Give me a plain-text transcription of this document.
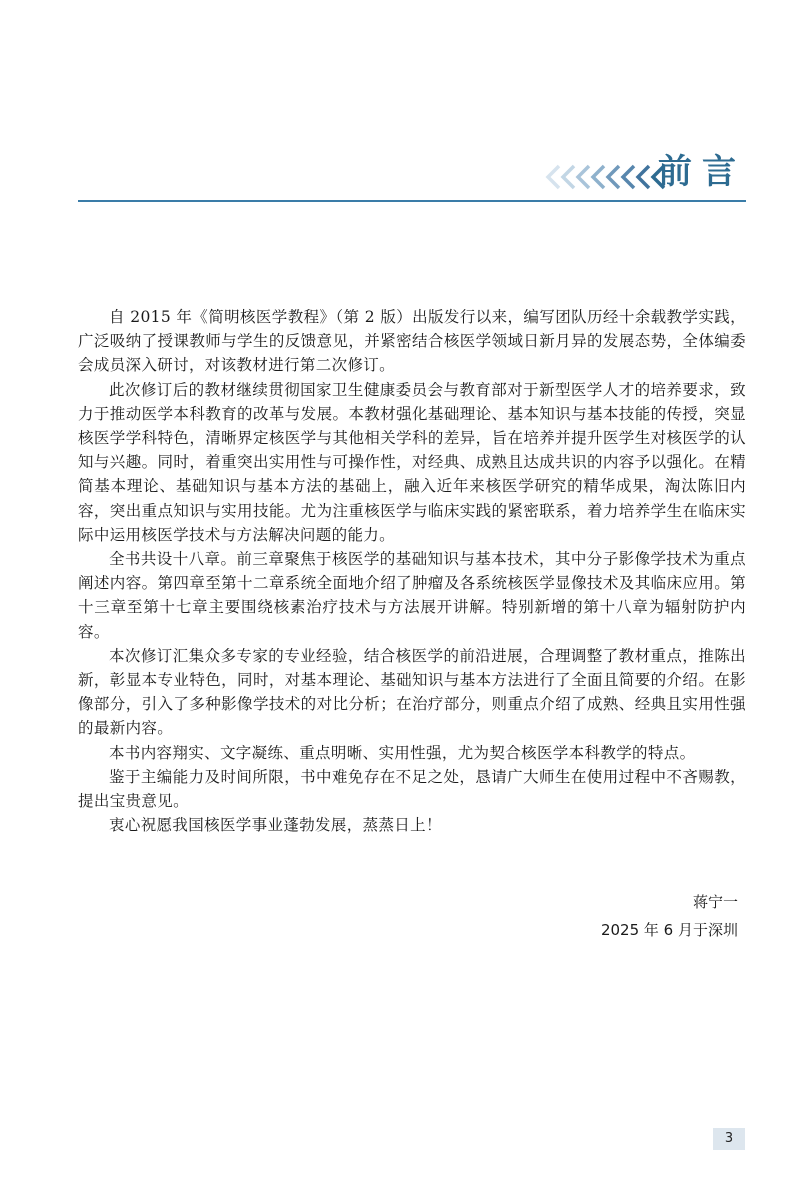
前言

自 2015 年《简明核医学教程》（第 2 版）出版发行以来，编写团队历经十余载教学实践，广泛吸纳了授课教师与学生的反馈意见，并紧密结合核医学领域日新月异的发展态势，全体编委会成员深入研讨，对该教材进行第二次修订。

此次修订后的教材继续贯彻国家卫生健康委员会与教育部对于新型医学人才的培养要求，致力于推动医学本科教育的改革与发展。本教材强化基础理论、基本知识与基本技能的传授，突显核医学学科特色，清晰界定核医学与其他相关学科的差异，旨在培养并提升医学生对核医学的认知与兴趣。同时，着重突出实用性与可操作性，对经典、成熟且达成共识的内容予以强化。在精简基本理论、基础知识与基本方法的基础上，融入近年来核医学研究的精华成果，淘汰陈旧内容，突出重点知识与实用技能。尤为注重核医学与临床实践的紧密联系，着力培养学生在临床实际中运用核医学技术与方法解决问题的能力。

全书共设十八章。前三章聚焦于核医学的基础知识与基本技术，其中分子影像学技术为重点阐述内容。第四章至第十二章系统全面地介绍了肿瘤及各系统核医学显像技术及其临床应用。第十三章至第十七章主要围绕核素治疗技术与方法展开讲解。特别新增的第十八章为辐射防护内容。

本次修订汇集众多专家的专业经验，结合核医学的前沿进展，合理调整了教材重点，推陈出新，彰显本专业特色，同时，对基本理论、基础知识与基本方法进行了全面且简要的介绍。在影像部分，引入了多种影像学技术的对比分析；在治疗部分，则重点介绍了成熟、经典且实用性强的最新内容。

本书内容翔实、文字凝练、重点明晰、实用性强，尤为契合核医学本科教学的特点。

鉴于主编能力及时间所限，书中难免存在不足之处，恳请广大师生在使用过程中不吝赐教，提出宝贵意见。

衷心祝愿我国核医学事业蓬勃发展，蒸蒸日上！

蒋宁一
2025 年 6 月于深圳
3
